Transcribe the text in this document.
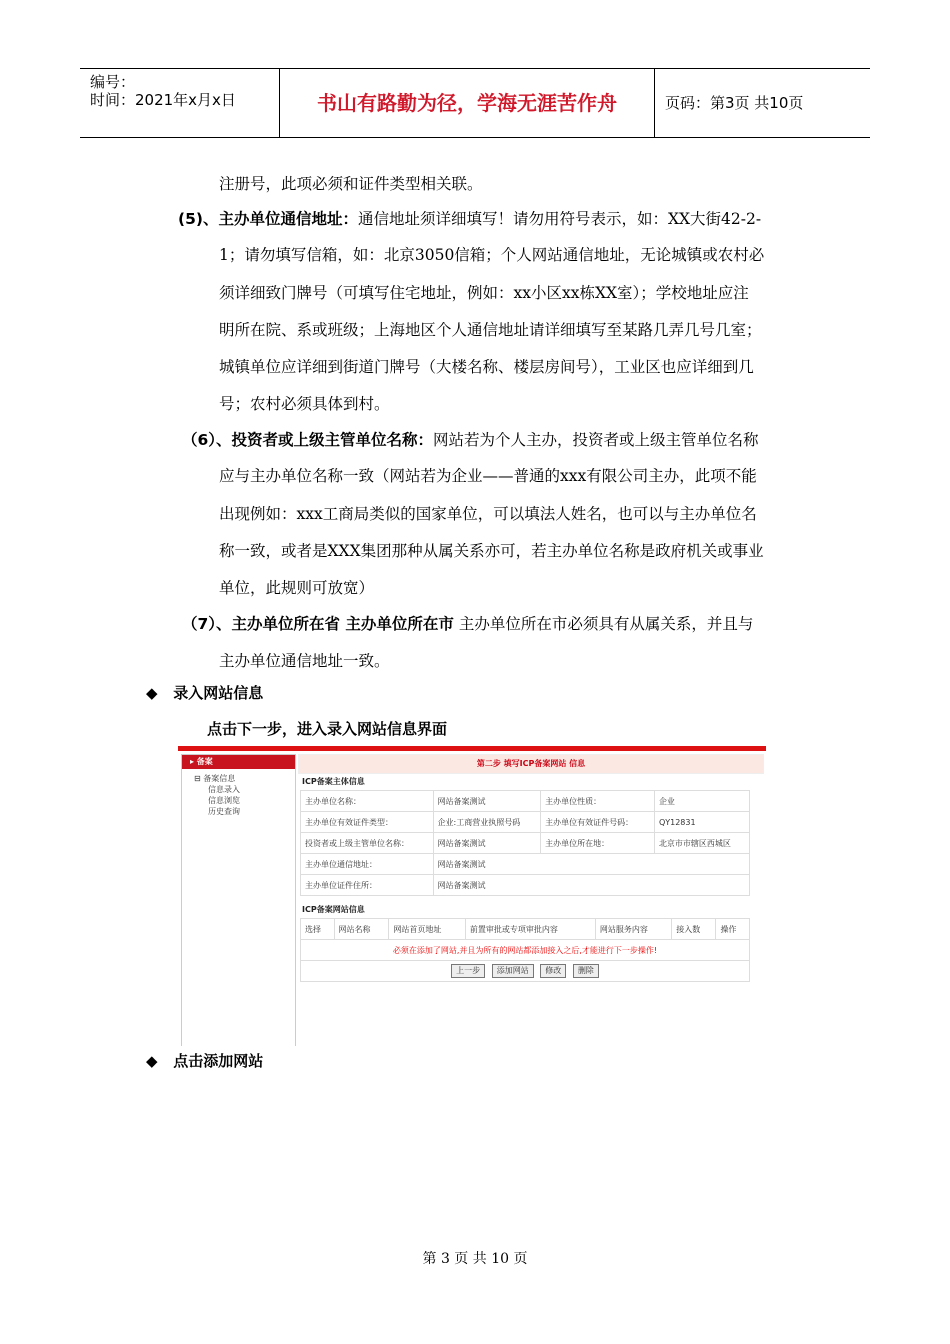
编号：
时间：2021年x月x日	书山有路勤为径，学海无涯苦作舟	页码：第3页 共10页
注册号，此项必须和证件类型相关联。
(5)、主办单位通信地址：通信地址须详细填写！请勿用符号表示，如：XX大街42-2-
1；请勿填写信箱，如：北京3050信箱；个人网站通信地址，无论城镇或农村必
须详细致门牌号（可填写住宅地址，例如：xx小区xx栋XX室）；学校地址应注
明所在院、系或班级；上海地区个人通信地址请详细填写至某路几弄几号几室；
城镇单位应详细到街道门牌号（大楼名称、楼层房间号），工业区也应详细到几
号；农村必须具体到村。
（6）、投资者或上级主管单位名称：网站若为个人主办，投资者或上级主管单位名称
应与主办单位名称一致（网站若为企业——普通的xxx有限公司主办，此项不能
出现例如：xxx工商局类似的国家单位，可以填法人姓名，也可以与主办单位名
称一致，或者是XXX集团那种从属关系亦可，若主办单位名称是政府机关或事业
单位，此规则可放宽）
（7）、主办单位所在省 主办单位所在市 主办单位所在市必须具有从属关系，并且与
主办单位通信地址一致。
◆ 录入网站信息
点击下一步，进入录入网站信息界面
▸ 备案
⊟ 备案信息
信息录入
信息浏览
历史查询
第二步 填写ICP备案网站 信息
ICP备案主体信息
主办单位名称：	网站备案测试	主办单位性质：	企业
主办单位有效证件类型：	企业:工商营业执照号码	主办单位有效证件号码：	QY12831
投资者或上级主管单位名称：	网站备案测试	主办单位所在地：	北京市市辖区西城区
主办单位通信地址：	网站备案测试		
主办单位证件住所：	网站备案测试		
ICP备案网站信息
选择	网站名称	网站首页地址	前置审批或专项审批内容	网站服务内容	接入数	操作
必须在添加了网站,并且为所有的网站都添加接入之后,才能进行下一步操作!
上一步 添加网站 修改 删除
◆ 点击添加网站
第 3 页 共 10 页
